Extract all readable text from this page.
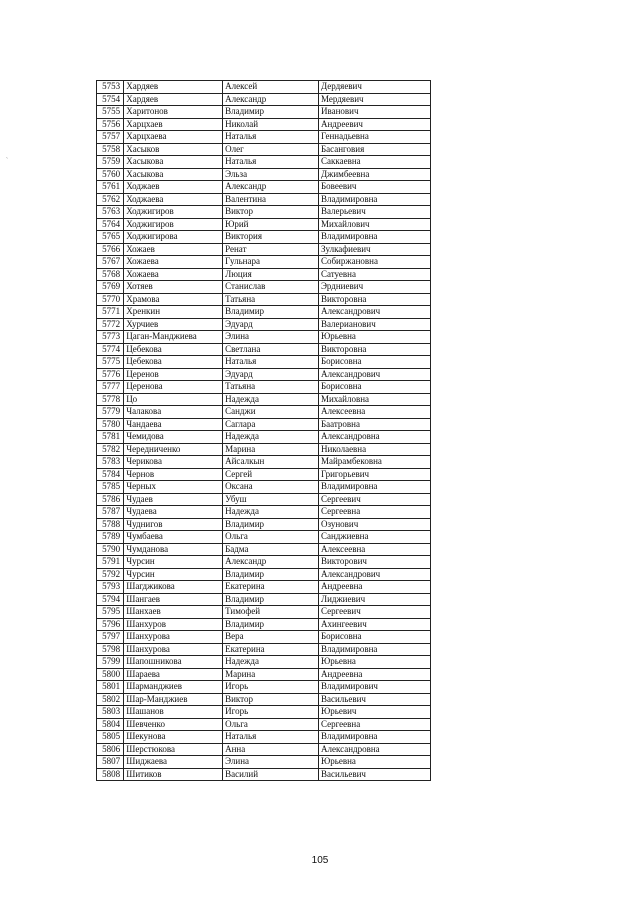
`
5753	Хардяев	Алексей	Дердяевич
5754	Хардяев	Александр	Мердяевич
5755	Харитонов	Владимир	Иванович
5756	Харцхаев	Николай	Андреевич
5757	Харцхаева	Наталья	Геннадьевна
5758	Хасыков	Олег	Басанговия
5759	Хасыкова	Наталья	Саккаевна
5760	Хасыкова	Эльза	Джимбеевна
5761	Ходжаев	Александр	Бовеевич
5762	Ходжаева	Валентина	Владимировна
5763	Ходжигиров	Виктор	Валерьевич
5764	Ходжигиров	Юрий	Михайлович
5765	Ходжигирова	Виктория	Владимировна
5766	Хожаев	Ренат	Зулкафиевич
5767	Хожаева	Гульнара	Собиржановна
5768	Хожаева	Люция	Сатуевна
5769	Хотяев	Станислав	Эрдниевич
5770	Храмова	Татьяна	Викторовна
5771	Хренкин	Владимир	Александрович
5772	Хурчиев	Эдуард	Валерианович
5773	Цаган-Манджиева	Элина	Юрьевна
5774	Цебекова	Светлана	Викторовна
5775	Цебекова	Наталья	Борисовна
5776	Церенов	Эдуард	Александрович
5777	Церенова	Татьяна	Борисовна
5778	Цо	Надежда	Михайловна
5779	Чалакова	Санджи	Алексеевна
5780	Чандаева	Саглара	Баатровна
5781	Чемидова	Надежда	Александровна
5782	Чередниченко	Марина	Николаевна
5783	Черикова	Айсалкын	Майрамбековна
5784	Чернов	Сергей	Григорьевич
5785	Черных	Оксана	Владимировна
5786	Чудаев	Убуш	Сергеевич
5787	Чудаева	Надежда	Сергеевна
5788	Чуднигов	Владимир	Озунович
5789	Чумбаева	Ольга	Санджиевна
5790	Чумданова	Бадма	Алексеевна
5791	Чурсин	Александр	Викторович
5792	Чурсин	Владимир	Александрович
5793	Шагджикова	Екатерина	Андреевна
5794	Шангаев	Владимир	Лиджиевич
5795	Шанхаев	Тимофей	Сергеевич
5796	Шанхуров	Владимир	Ахингеевич
5797	Шанхурова	Вера	Борисовна
5798	Шанхурова	Екатерина	Владимировна
5799	Шапошникова	Надежда	Юрьевна
5800	Шараева	Марина	Андреевна
5801	Шарманджиев	Игорь	Владимирович
5802	Шар-Манджиев	Виктор	Васильевич
5803	Шашанов	Игорь	Юрьевич
5804	Шевченко	Ольга	Сергеевна
5805	Шекунова	Наталья	Владимировна
5806	Шерстюкова	Анна	Александровна
5807	Шиджаева	Элина	Юрьевна
5808	Шитиков	Василий	Васильевич
105
